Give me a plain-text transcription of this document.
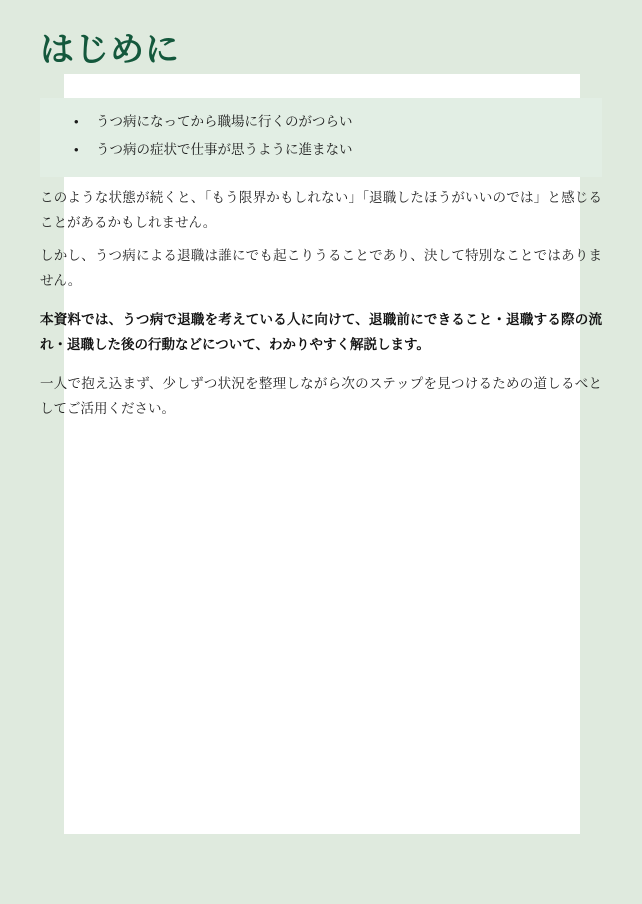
はじめに
• うつ病になってから職場に行くのがつらい
• うつ病の症状で仕事が思うように進まない

このような状態が続くと、「もう限界かもしれない」「退職したほうがいいのでは」と感じることがあるかもしれません。

しかし、うつ病による退職は誰にでも起こりうることであり、決して特別なことではありません。

本資料では、うつ病で退職を考えている人に向けて、退職前にできること・退職する際の流れ・退職した後の行動などについて、わかりやすく解説します。

一人で抱え込まず、少しずつ状況を整理しながら次のステップを見つけるための道しるべとしてご活用ください。
